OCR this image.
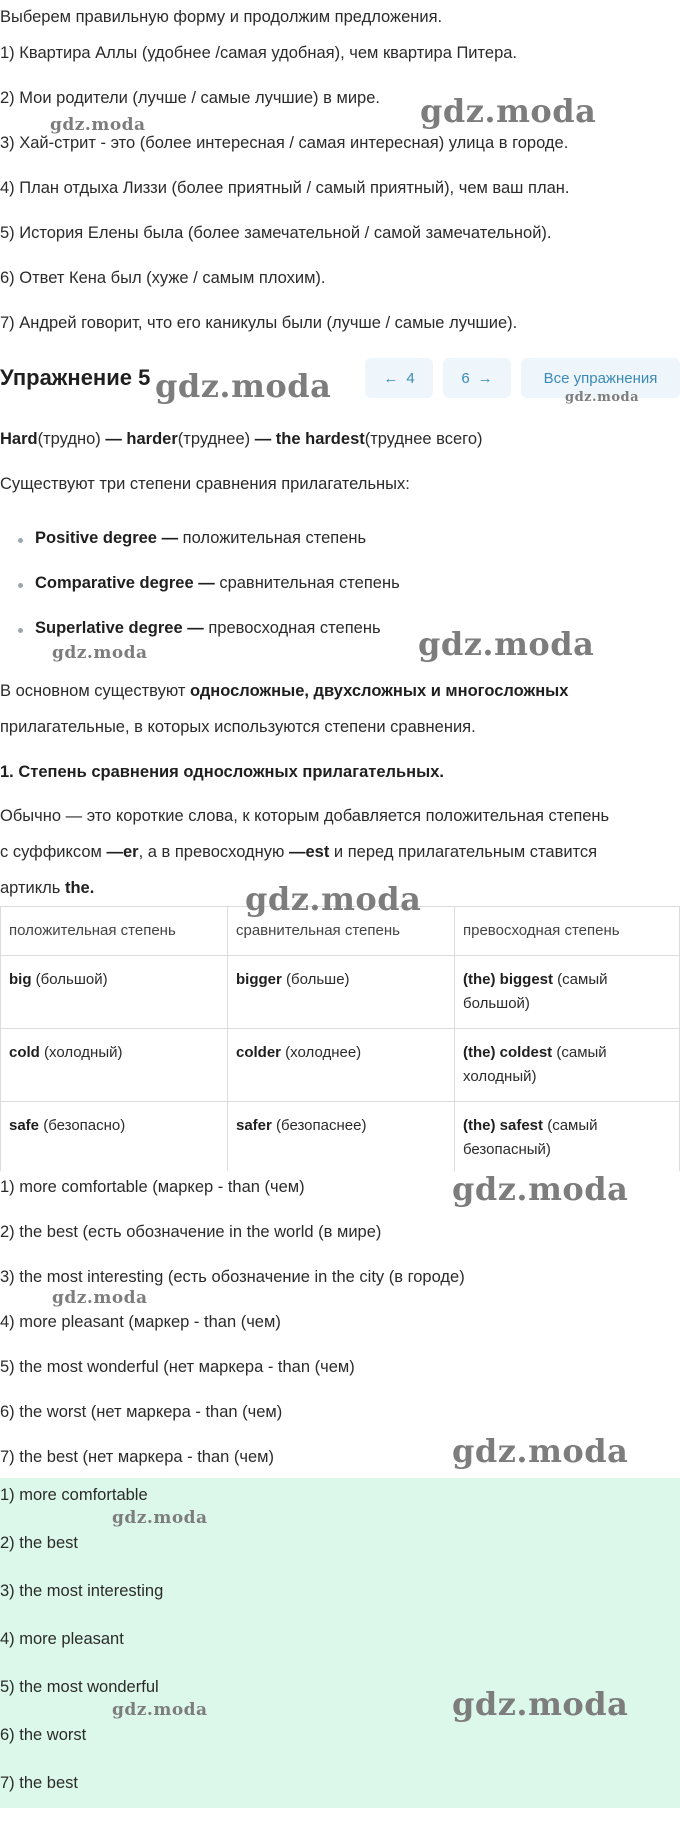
Выберем правильную форму и продолжим предложения.
1) Квартира Аллы (удобнее /самая удобная), чем квартира Питера.
2) Мои родители (лучше / самые лучшие) в мире.
3) Хай-стрит - это (более интересная / самая интересная) улица в городе.
4) План отдыха Лиззи (более приятный / самый приятный), чем ваш план.
5) История Елены была (более замечательной / самой замечательной).
6) Ответ Кена был (хуже / самым плохим).
7) Андрей говорит, что его каникулы были (лучше / самые лучшие).
Упражнение 5	← 4	6 →	Все упражнения
Hard(трудно) — harder(труднее) — the hardest(труднее всего)
Существуют три степени сравнения прилагательных:
Positive degree — положительная степень
Comparative degree — сравнительная степень
Superlative degree — превосходная степень
В основном существуют односложные, двухсложных и многосложных
прилагательные, в которых используются степени сравнения.
1. Степень сравнения односложных прилагательных.
Обычно — это короткие слова, к которым добавляется положительная степень
с суффиксом —er, а в превосходную —est и перед прилагательным ставится
артикль the.
положительная степень	сравнительная степень	превосходная степень
big (большой)	bigger (больше)	(the) biggest (самый большой)
cold (холодный)	colder (холоднее)	(the) coldest (самый холодный)
safe (безопасно)	safer (безопаснее)	(the) safest (самый безопасный)

1) more comfortable (маркер - than (чем)
2) the best (есть обозначение in the world (в мире)
3) the most interesting (есть обозначение in the city (в городе)
4) more pleasant (маркер - than (чем)
5) the most wonderful (нет маркера - than (чем)
6) the worst (нет маркера - than (чем)
7) the best (нет маркера - than (чем)
1) more comfortable
2) the best
3) the most interesting
4) more pleasant
5) the most wonderful
6) the worst
7) the best
gdz.moda
gdz.moda
gdz.moda	gdz.moda
gdz.moda
gdz.moda
gdz.moda
gdz.moda
gdz.moda
gdz.moda
gdz.moda
gdz.moda
gdz.moda
